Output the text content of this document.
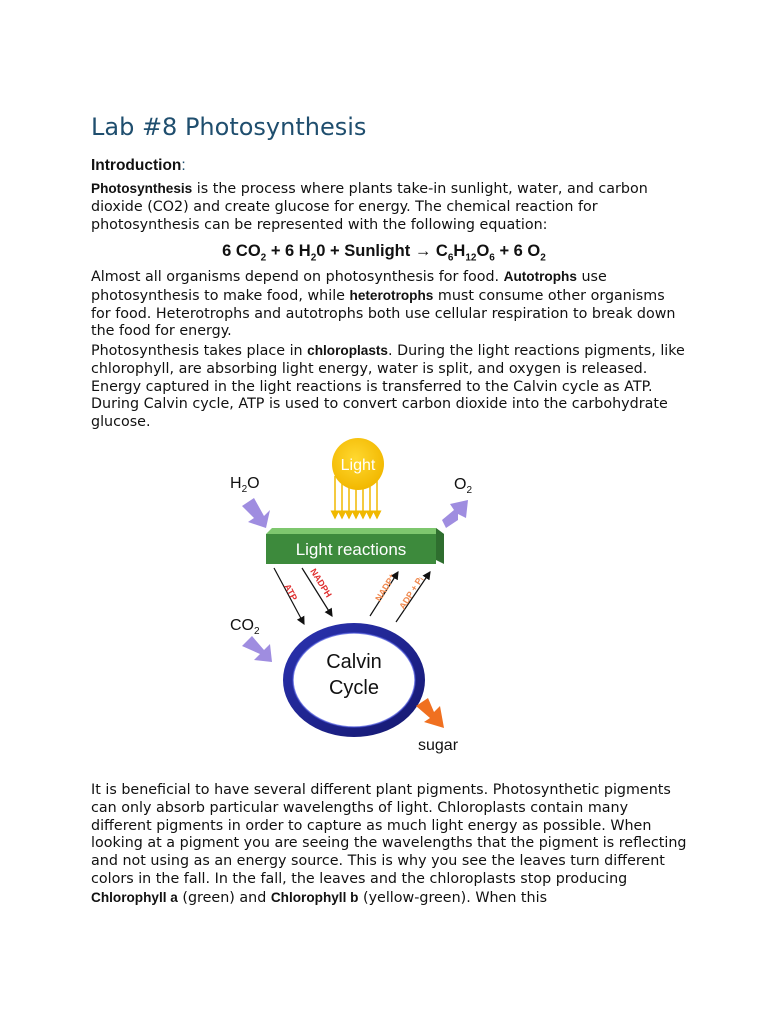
Lab #8 Photosynthesis
Introduction:

Photosynthesis is the process where plants take-in sunlight, water, and carbon dioxide (CO2) and create glucose for energy. The chemical reaction for photosynthesis can be represented with the following equation:

6 $CO_2 + 6$ $H_20$ + Sunlight → $C_6H_{12}O_6 + 6$ $O_2$

Almost all organisms depend on photosynthesis for food. Autotrophs use photosynthesis to make food, while heterotrophs must consume other organisms for food. Heterotrophs and autotrophs both use cellular respiration to break down the food for energy.

Photosynthesis takes place in chloroplasts. During the light reactions pigments, like chlorophyll, are absorbing light energy, water is split, and oxygen is released. Energy captured in the light reactions is transferred to the Calvin cycle as ATP. During Calvin cycle, ATP is used to convert carbon dioxide into the carbohydrate glucose.

Light
$H_2O$	$O_2$
Light reactions
ATP NADPH	NADP⁺ ADP + Pᵢ
$CO_2$
Calvin
Cycle
sugar

It is beneficial to have several different plant pigments. Photosynthetic pigments can only absorb particular wavelengths of light. Chloroplasts contain many different pigments in order to capture as much light energy as possible. When looking at a pigment you are seeing the wavelengths that the pigment is reflecting and not using as an energy source. This is why you see the leaves turn different colors in the fall. In the fall, the leaves and the chloroplasts stop producing Chlorophyll a (green) and Chlorophyll b (yellow-green). When this
